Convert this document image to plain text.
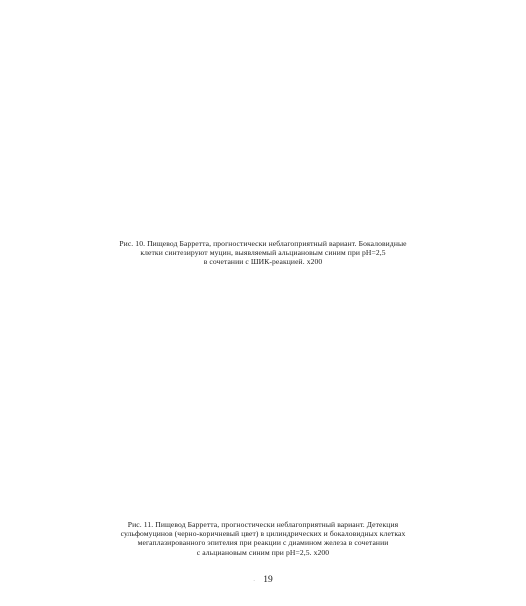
Рис. 10. Пищевод Барретта, прогностически неблагоприятный вариант. Бокаловидные
клетки синтезируют муцин, выявляемый альциановым синим при pH=2,5
в сочетании с ШИК-реакцией. х200
Рис. 11. Пищевод Барретта, прогностически неблагоприятный вариант. Детекция
сульфомуцинов (черно-коричневый цвет) в цилиндрических и бокаловидных клетках
мегаплазированного эпителия при реакции с диамином железа в сочетании
с альциановым синим при pH=2,5. х200
. 19
